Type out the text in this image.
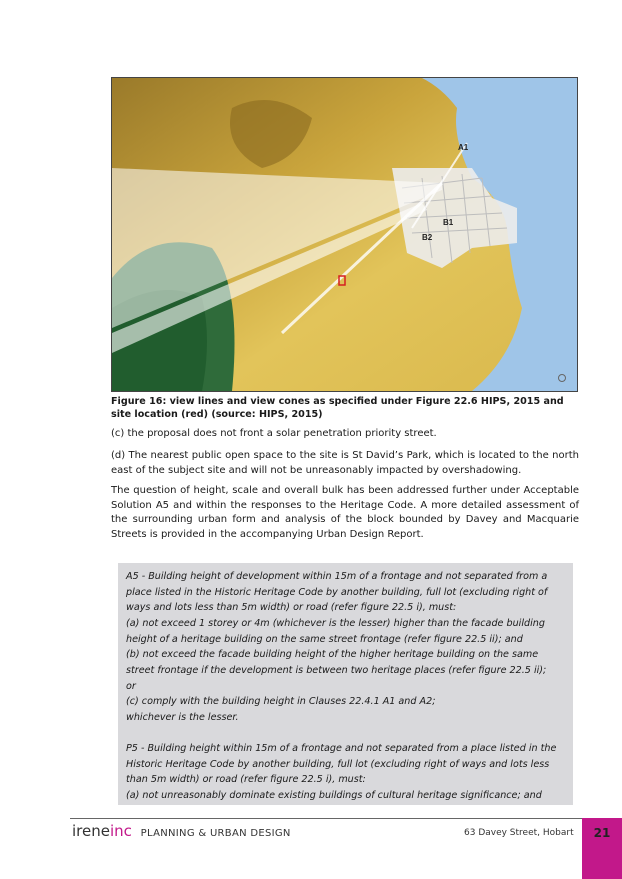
A1
B1
B2
Figure 16: view lines and view cones as specified under Figure 22.6 HIPS, 2015 and site location (red) (source: HIPS, 2015)
(c) the proposal does not front a solar penetration priority street.
(d) The nearest public open space to the site is St David’s Park, which is located to the north east of the subject site and will not be unreasonably impacted by overshadowing.
The question of height, scale and overall bulk has been addressed further under Acceptable Solution A5 and within the responses to the Heritage Code. A more detailed assessment of the surrounding urban form and analysis of the block bounded by Davey and Macquarie Streets is provided in the accompanying Urban Design Report.

A5 - Building height of development within 15m of a frontage and not separated from a place listed in the Historic Heritage Code by another building, full lot (excluding right of ways and lots less than 5m width) or road (refer figure 22.5 i), must:

(a) not exceed 1 storey or 4m (whichever is the lesser) higher than the facade building height of a heritage building on the same street frontage (refer figure 22.5 ii); and

(b) not exceed the facade building height of the higher heritage building on the same street frontage if the development is between two heritage places (refer figure 22.5 ii);

or

(c) comply with the building height in Clauses 22.4.1 A1 and A2;

whichever is the lesser.

P5 - Building height within 15m of a frontage and not separated from a place listed in the Historic Heritage Code by another building, full lot (excluding right of ways and lots less than 5m width) or road (refer figure 22.5 i), must:

(a) not unreasonably dominate existing buildings of cultural heritage significance; and

ireneinc PLANNING & URBAN DESIGN	63 Davey Street, Hobart	21
